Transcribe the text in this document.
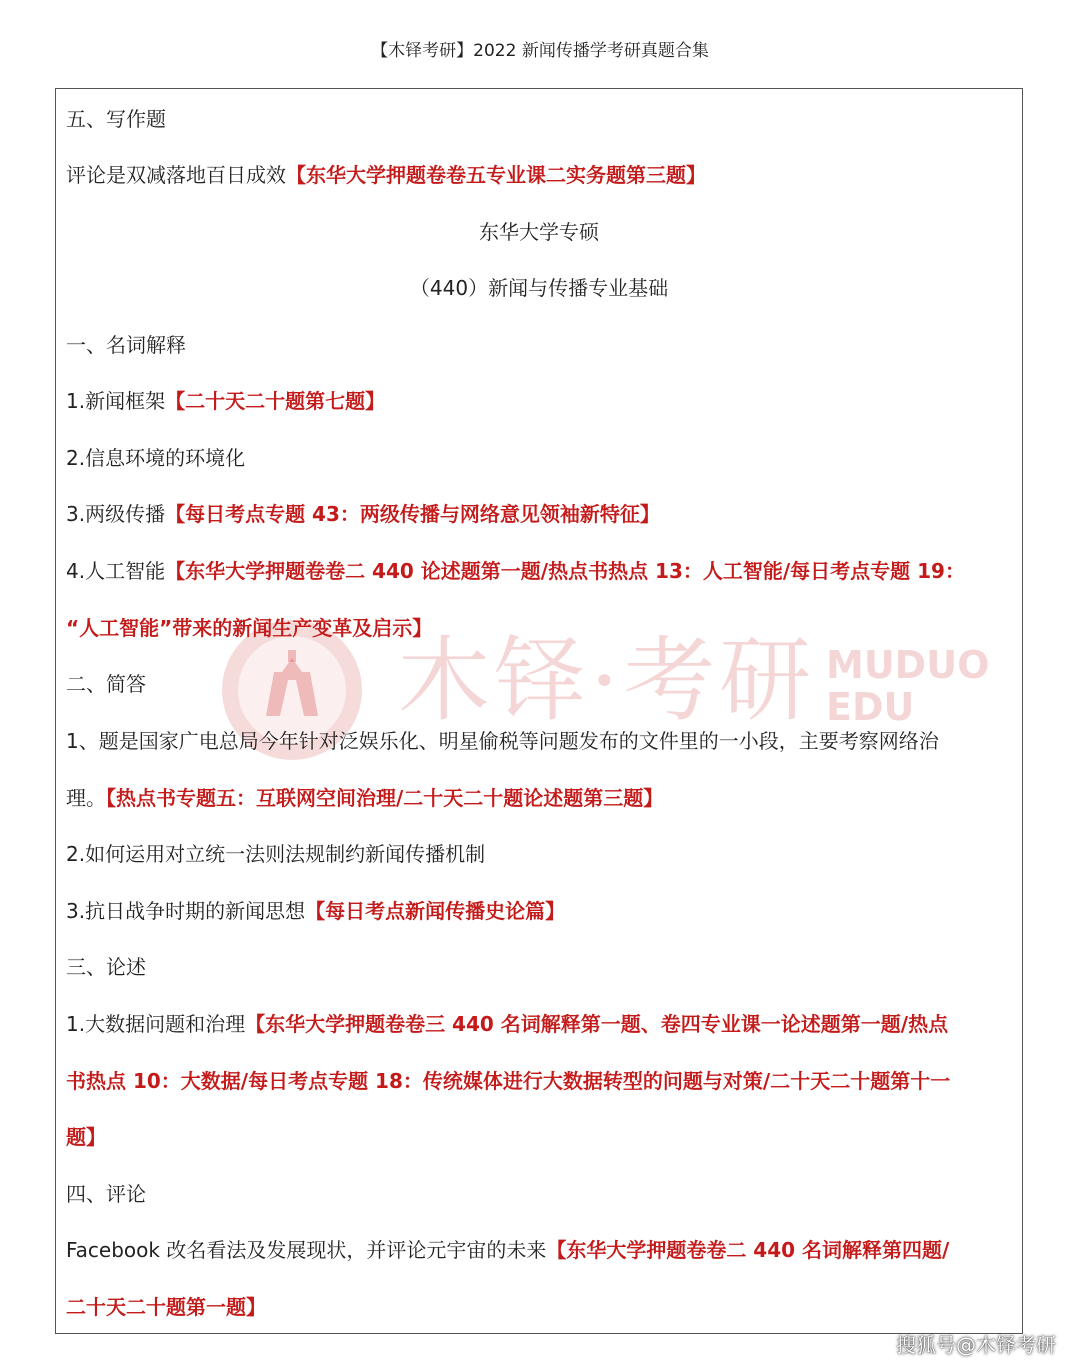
【木铎考研】2022 新闻传播学考研真题合集
木铎·考研 MUDUO
EDU
五、写作题
评论是双减落地百日成效【东华大学押题卷卷五专业课二实务题第三题】
东华大学专硕
（440）新闻与传播专业基础
一、名词解释
1.新闻框架【二十天二十题第七题】
2.信息环境的环境化
3.两级传播【每日考点专题 43：两级传播与网络意见领袖新特征】
4.人工智能【东华大学押题卷卷二 440 论述题第一题/热点书热点 13：人工智能/每日考点专题 19：
“人工智能”带来的新闻生产变革及启示】
二、简答
1、题是国家广电总局今年针对泛娱乐化、明星偷税等问题发布的文件里的一小段，主要考察网络治
理。【热点书专题五：互联网空间治理/二十天二十题论述题第三题】
2.如何运用对立统一法则法规制约新闻传播机制
3.抗日战争时期的新闻思想【每日考点新闻传播史论篇】
三、论述
1.大数据问题和治理【东华大学押题卷卷三 440 名词解释第一题、卷四专业课一论述题第一题/热点
书热点 10：大数据/每日考点专题 18：传统媒体进行大数据转型的问题与对策/二十天二十题第十一
题】
四、评论
Facebook 改名看法及发展现状，并评论元宇宙的未来【东华大学押题卷卷二 440 名词解释第四题/
二十天二十题第一题】
搜狐号@木铎考研
